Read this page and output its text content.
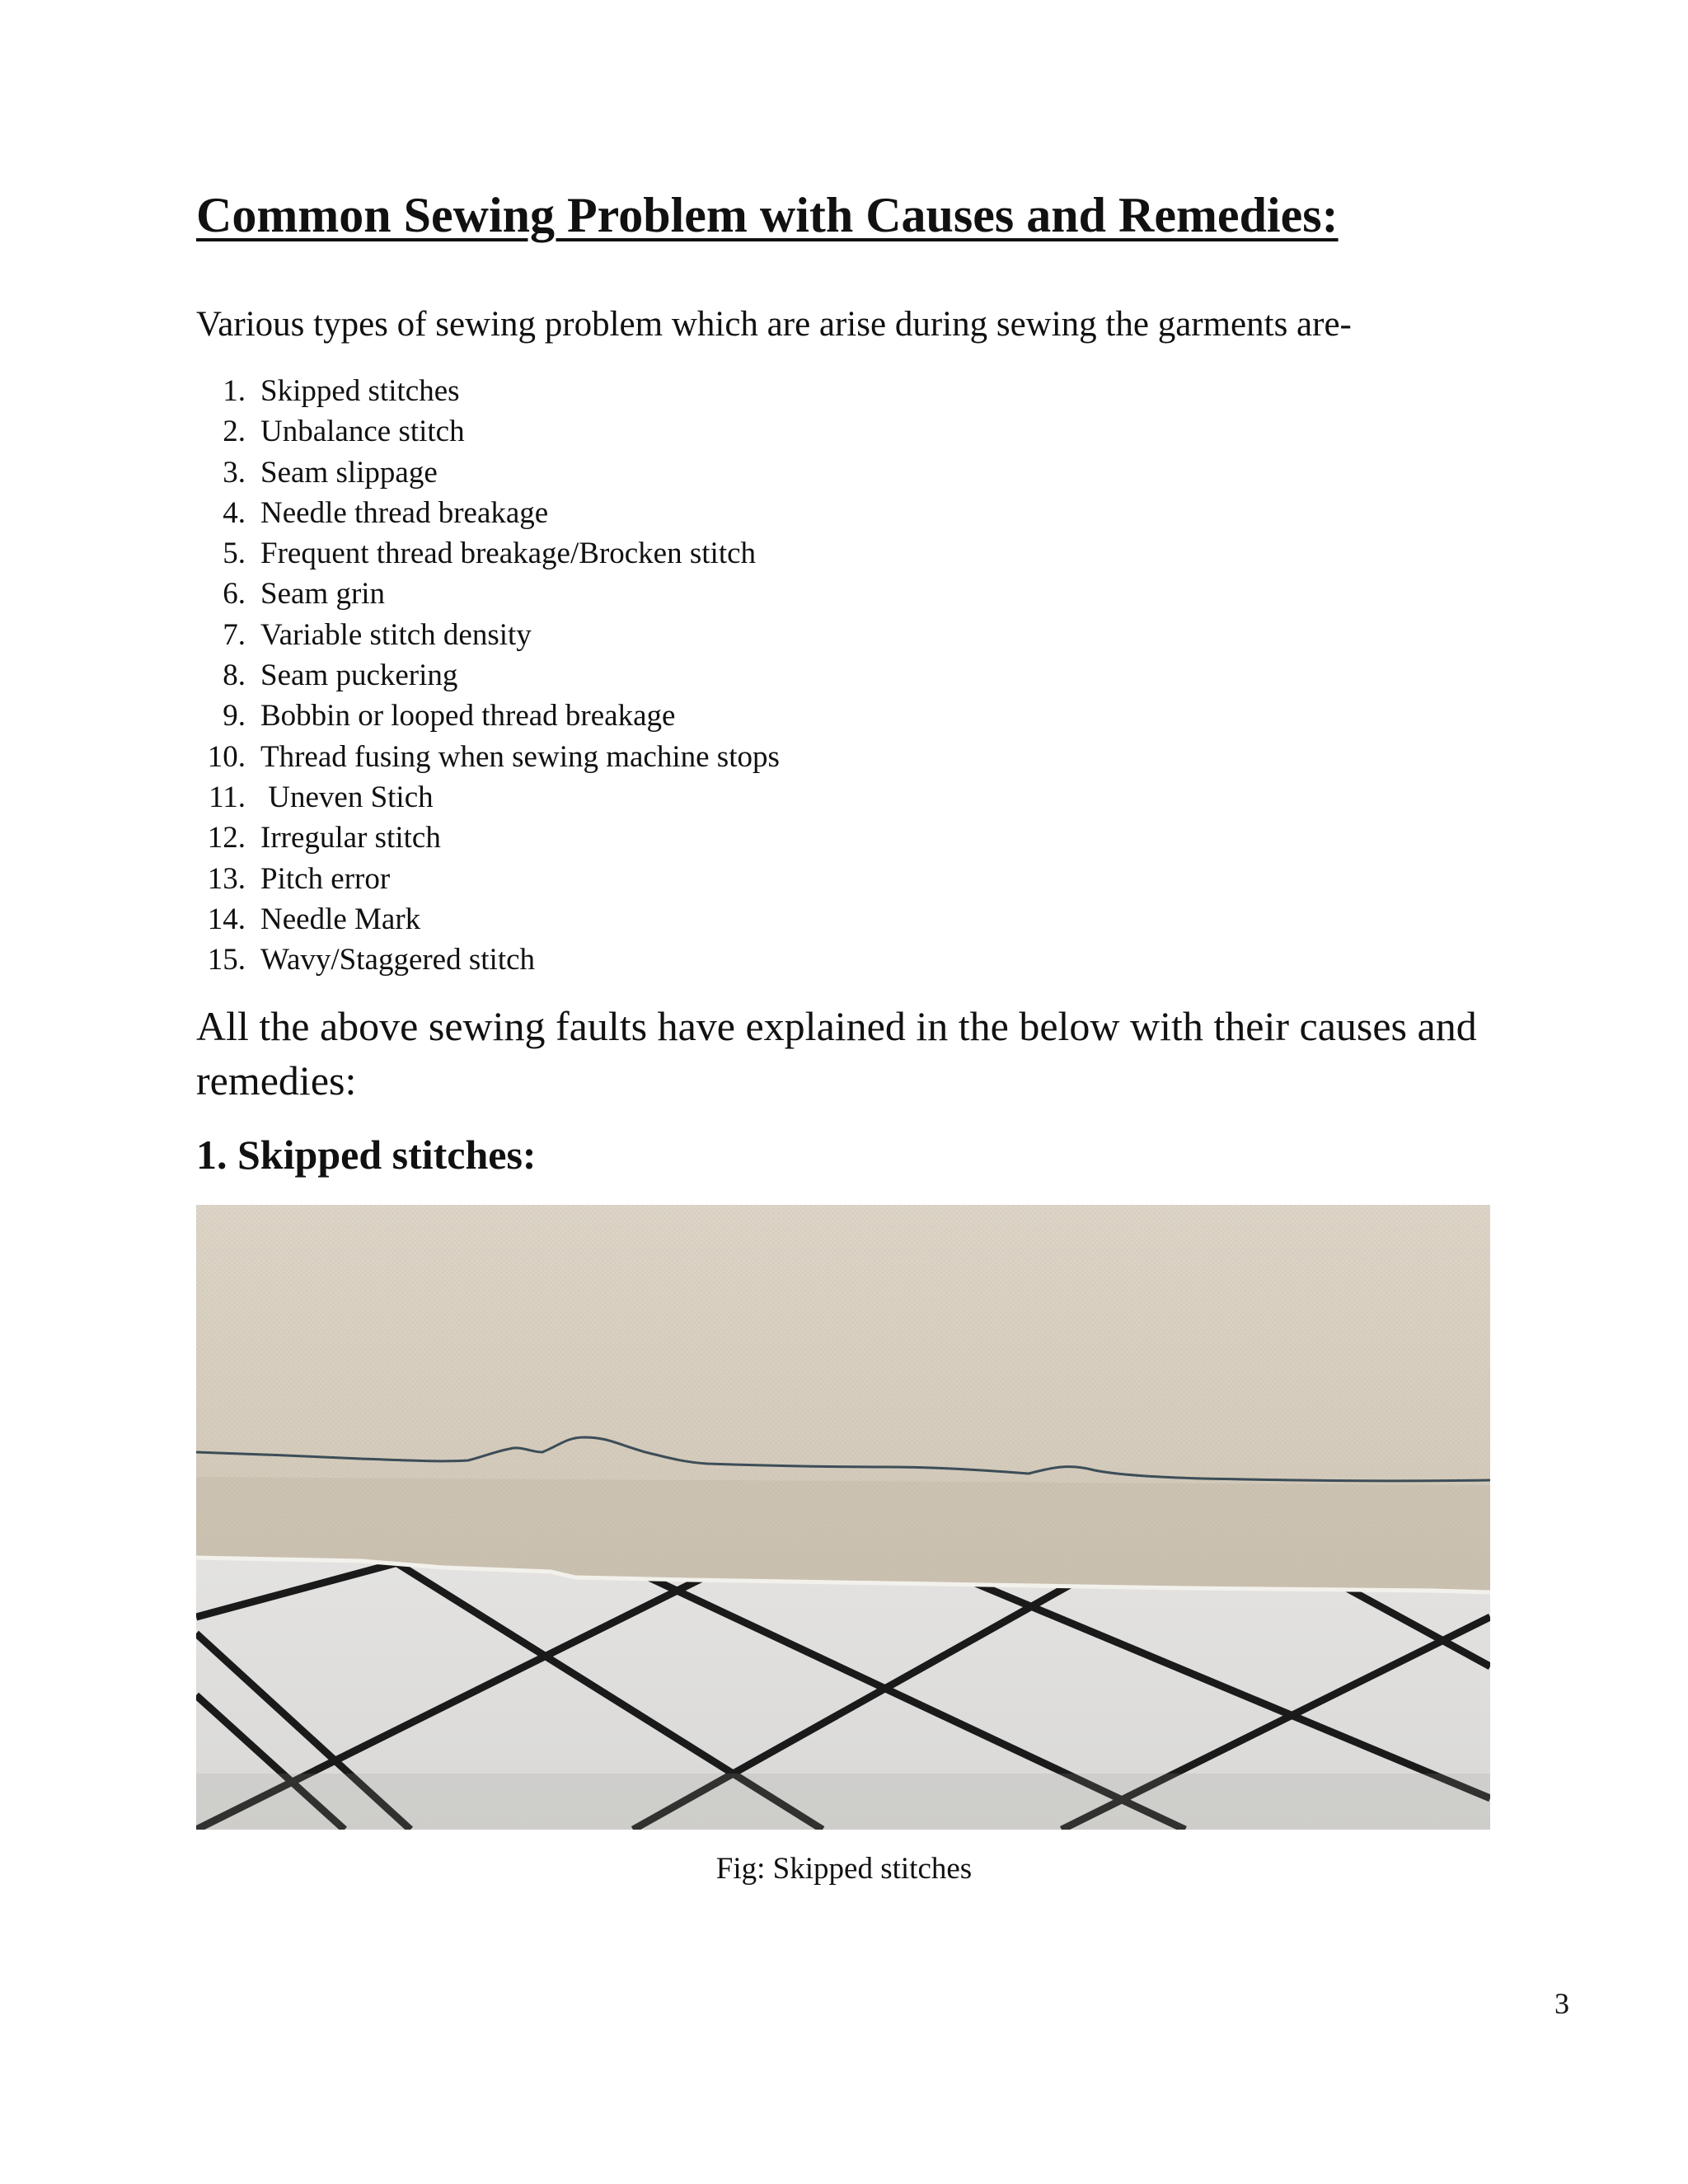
Common Sewing Problem with Causes and Remedies:

Various types of sewing problem which are arise during sewing the garments are-

1. Skipped stitches
2. Unbalance stitch
3. Seam slippage
4. Needle thread breakage
5. Frequent thread breakage/Brocken stitch
6. Seam grin
7. Variable stitch density
8. Seam puckering
9. Bobbin or looped thread breakage
10. Thread fusing when sewing machine stops
11. Uneven Stich
12. Irregular stitch
13. Pitch error
14. Needle Mark
15. Wavy/Staggered stitch

All the above sewing faults have explained in the below with their causes and remedies:

1. Skipped stitches:

Fig: Skipped stitches

3
